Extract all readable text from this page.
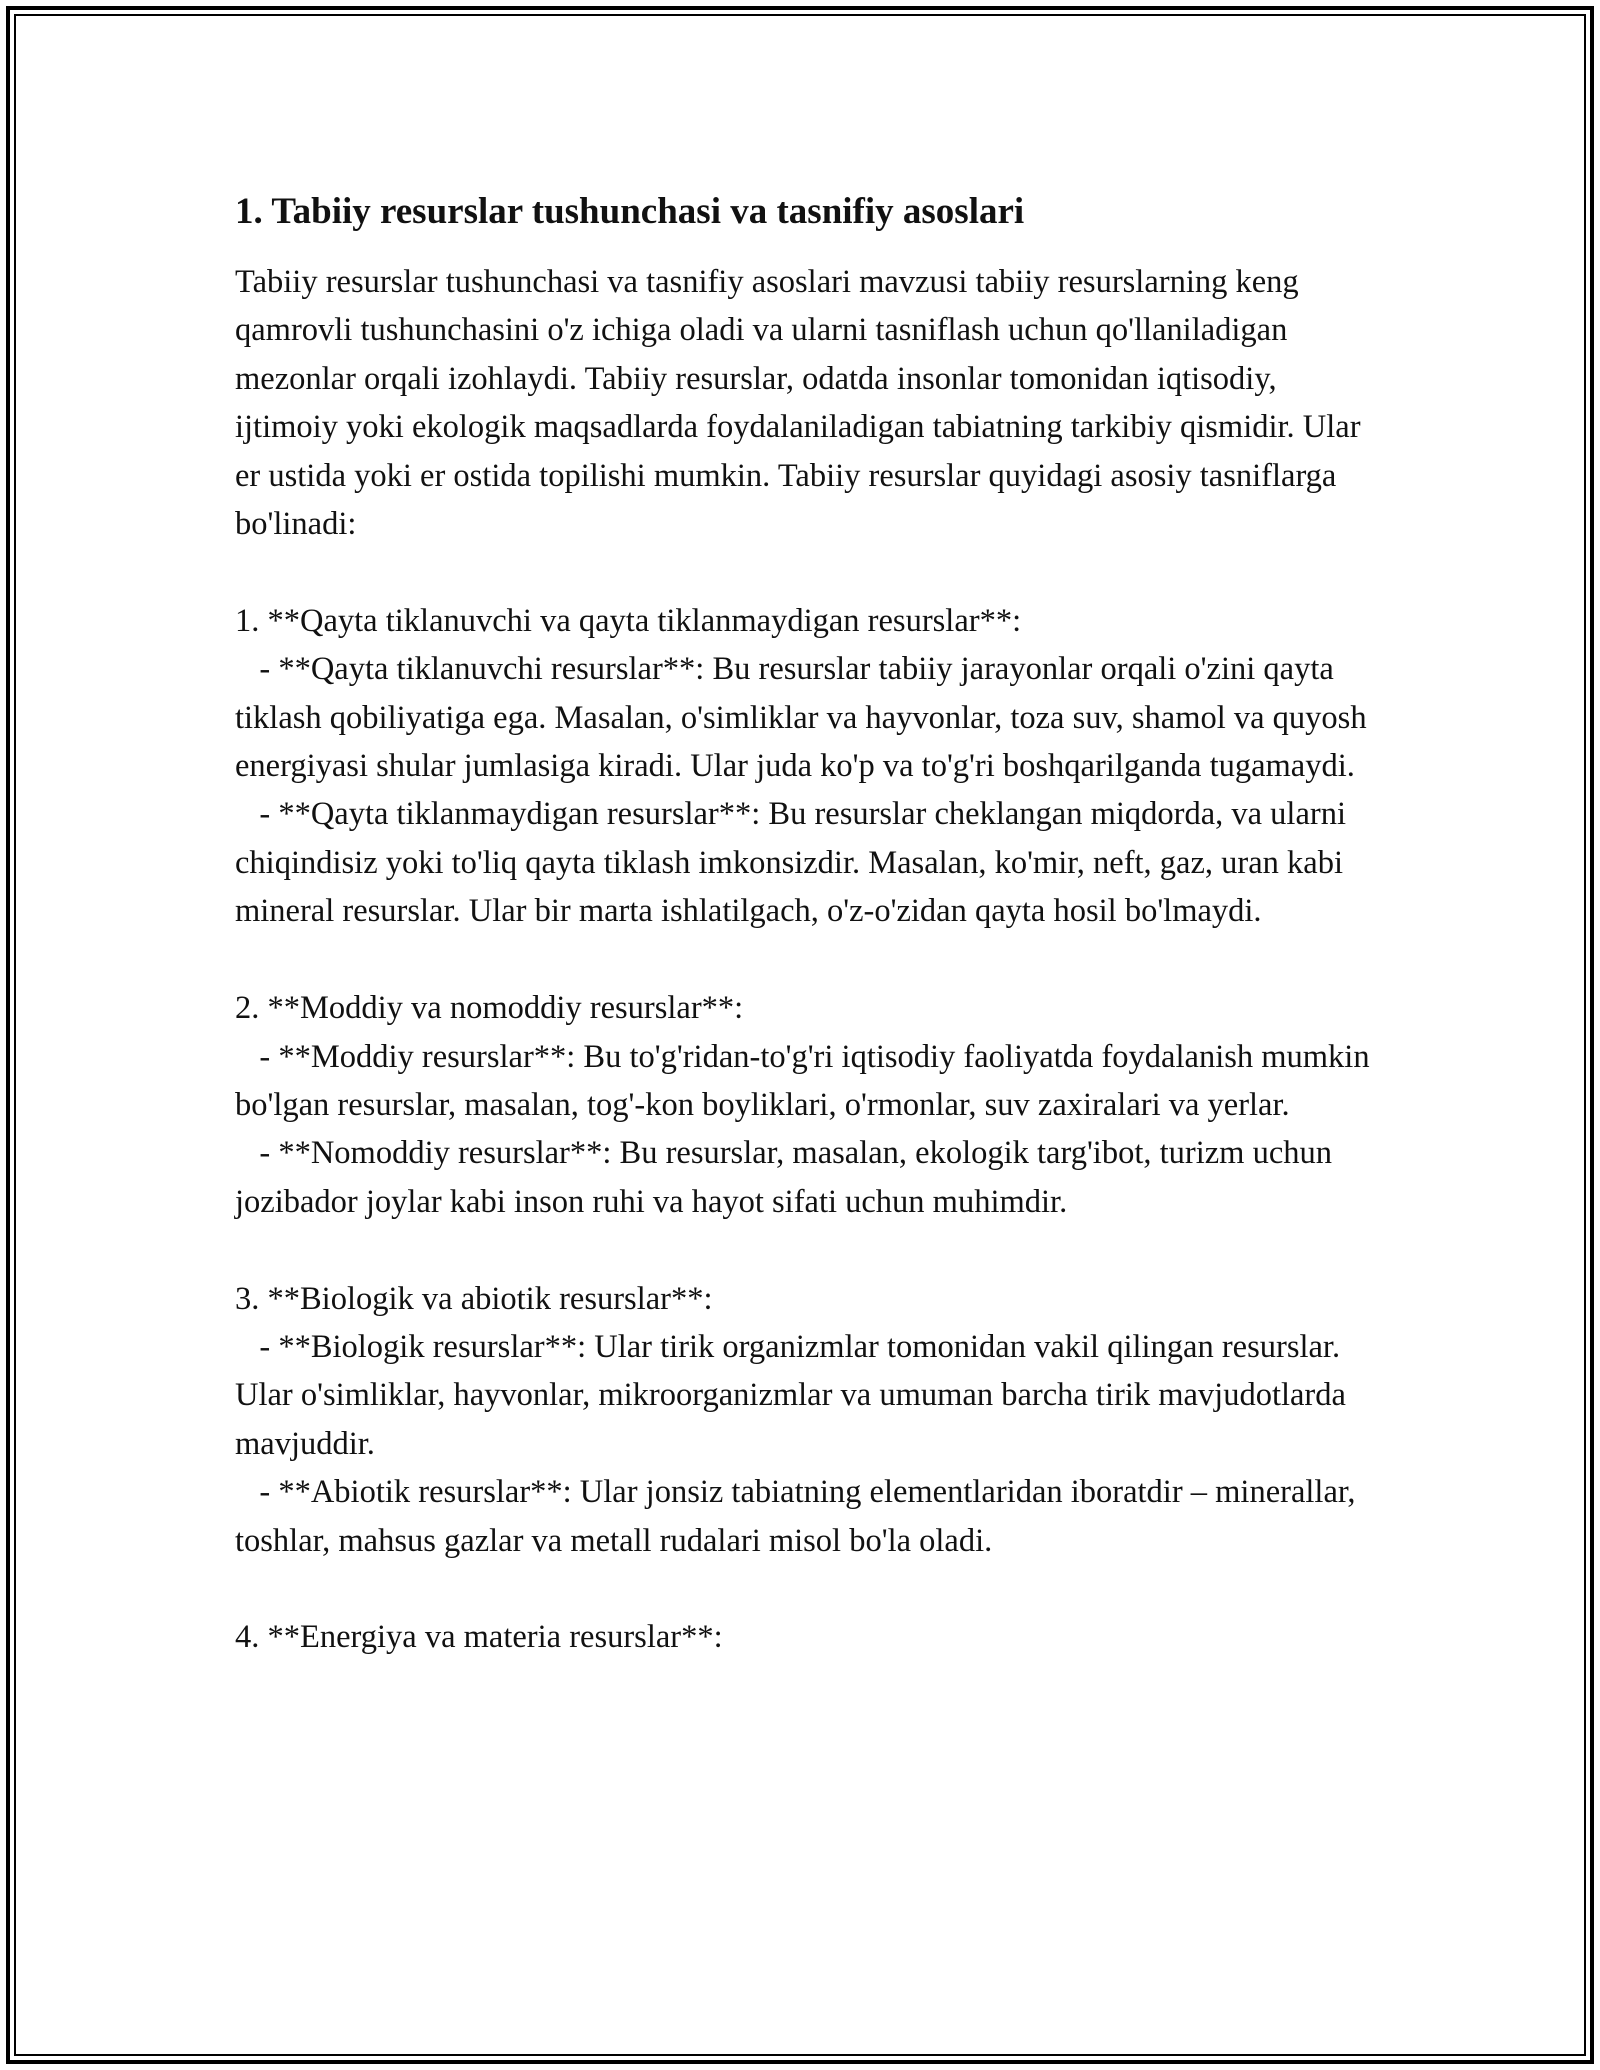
1. Tabiiy resurslar tushunchasi va tasnifiy asoslari

Tabiiy resurslar tushunchasi va tasnifiy asoslari mavzusi tabiiy resurslarning keng qamrovli tushunchasini o'z ichiga oladi va ularni tasniflash uchun qo'llaniladigan mezonlar orqali izohlaydi. Tabiiy resurslar, odatda insonlar tomonidan iqtisodiy, ijtimoiy yoki ekologik maqsadlarda foydalaniladigan tabiatning tarkibiy qismidir. Ular er ustida yoki er ostida topilishi mumkin. Tabiiy resurslar quyidagi asosiy tasniflarga bo'linadi:

1. **Qayta tiklanuvchi va qayta tiklanmaydigan resurslar**:

- **Qayta tiklanuvchi resurslar**: Bu resurslar tabiiy jarayonlar orqali o'zini qayta tiklash qobiliyatiga ega. Masalan, o'simliklar va hayvonlar, toza suv, shamol va quyosh energiyasi shular jumlasiga kiradi. Ular juda ko'p va to'g'ri boshqarilganda tugamaydi.

- **Qayta tiklanmaydigan resurslar**: Bu resurslar cheklangan miqdorda, va ularni chiqindisiz yoki to'liq qayta tiklash imkonsizdir. Masalan, ko'mir, neft, gaz, uran kabi mineral resurslar. Ular bir marta ishlatilgach, o'z-o'zidan qayta hosil bo'lmaydi.

2. **Moddiy va nomoddiy resurslar**:

- **Moddiy resurslar**: Bu to'g'ridan-to'g'ri iqtisodiy faoliyatda foydalanish mumkin bo'lgan resurslar, masalan, tog'-kon boyliklari, o'rmonlar, suv zaxiralari va yerlar.

- **Nomoddiy resurslar**: Bu resurslar, masalan, ekologik targ'ibot, turizm uchun jozibador joylar kabi inson ruhi va hayot sifati uchun muhimdir.

3. **Biologik va abiotik resurslar**:

- **Biologik resurslar**: Ular tirik organizmlar tomonidan vakil qilingan resurslar. Ular o'simliklar, hayvonlar, mikroorganizmlar va umuman barcha tirik mavjudotlarda mavjuddir.

- **Abiotik resurslar**: Ular jonsiz tabiatning elementlaridan iboratdir – minerallar, toshlar, mahsus gazlar va metall rudalari misol bo'la oladi.

4. **Energiya va materia resurslar**:
